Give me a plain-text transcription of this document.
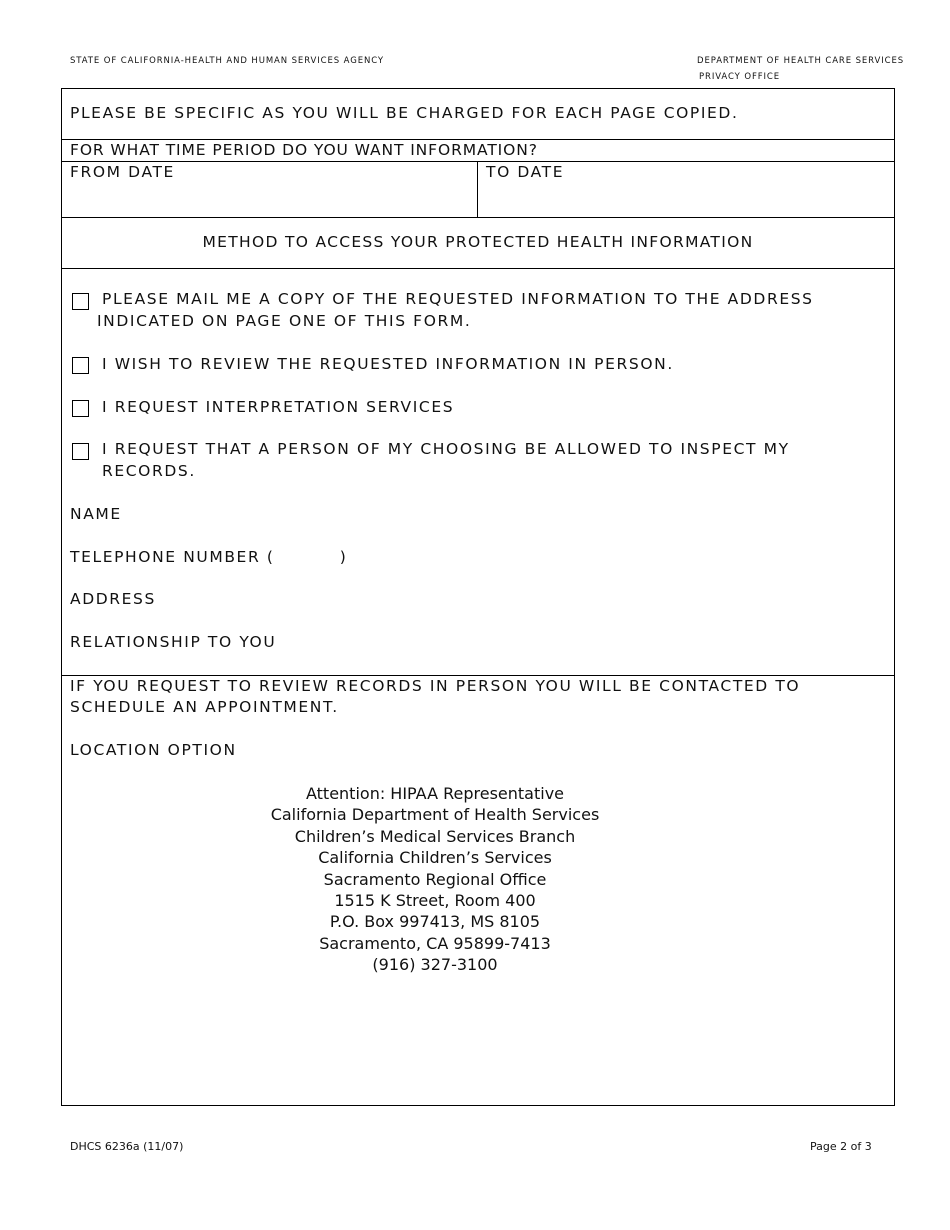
STATE OF CALIFORNIA-HEALTH AND HUMAN SERVICES AGENCY	DEPARTMENT OF HEALTH CARE SERVICES
PRIVACY OFFICE
PLEASE BE SPECIFIC AS YOU WILL BE CHARGED FOR EACH PAGE COPIED.
FOR WHAT TIME PERIOD DO YOU WANT INFORMATION?
FROM DATE	TO DATE
METHOD TO ACCESS YOUR PROTECTED HEALTH INFORMATION
PLEASE MAIL ME A COPY OF THE REQUESTED INFORMATION TO THE ADDRESS
INDICATED ON PAGE ONE OF THIS FORM.
I WISH TO REVIEW THE REQUESTED INFORMATION IN PERSON.
I REQUEST INTERPRETATION SERVICES
I REQUEST THAT A PERSON OF MY CHOOSING BE ALLOWED TO INSPECT MY
RECORDS.
NAME
TELEPHONE NUMBER (          )
ADDRESS
RELATIONSHIP TO YOU
IF YOU REQUEST TO REVIEW RECORDS IN PERSON YOU WILL BE CONTACTED TO
SCHEDULE AN APPOINTMENT.
LOCATION OPTION
Attention: HIPAA Representative
California Department of Health Services
Children’s Medical Services Branch
California Children’s Services
Sacramento Regional Office
1515 K Street, Room 400
P.O. Box 997413, MS 8105
Sacramento, CA 95899-7413
(916) 327-3100
DHCS 6236a (11/07)	Page 2 of 3
